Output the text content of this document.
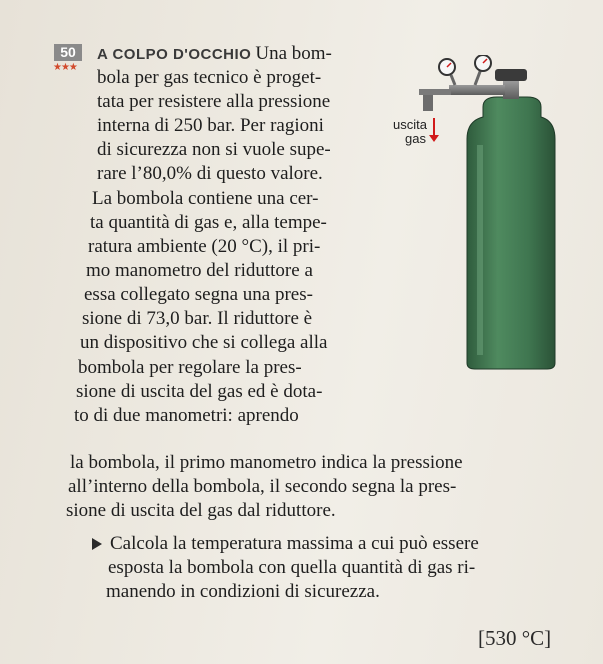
50
★★★
A COLPO D'OCCHIO Una bom-
bola per gas tecnico è proget-
tata per resistere alla pressione
interna di 250 bar. Per ragioni
di sicurezza non si vuole supe-
rare l’80,0% di questo valore.
La bombola contiene una cer-
ta quantità di gas e, alla tempe-
ratura ambiente (20 °C), il pri-
mo manometro del riduttore a
essa collegato segna una pres-
sione di 73,0 bar. Il riduttore è
un dispositivo che si collega alla
bombola per regolare la pres-
sione di uscita del gas ed è dota-
to di due manometri: aprendo
la bombola, il primo manometro indica la pressione
all’interno della bombola, il secondo segna la pres-
sione di uscita del gas dal riduttore.
Calcola la temperatura massima a cui può essere
esposta la bombola con quella quantità di gas ri-
manendo in condizioni di sicurezza.
[530 °C]
uscita
gas
